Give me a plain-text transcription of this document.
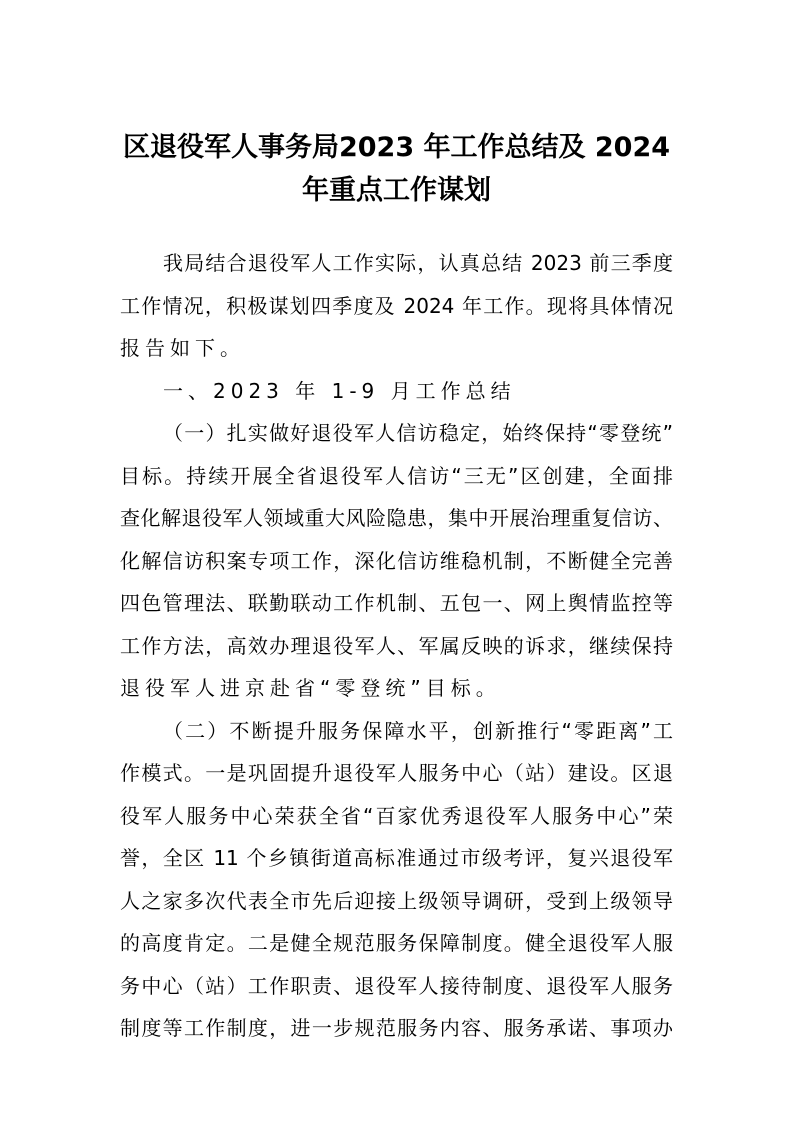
区退役军人事务局2023 年工作总结及 2024
年重点工作谋划
我局结合退役军人工作实际，认真总结 2023 前三季度
工作情况，积极谋划四季度及 2024 年工作。现将具体情况
报告如下。
一、2023 年 1-9 月工作总结
（一）扎实做好退役军人信访稳定，始终保持“零登统”
目标。持续开展全省退役军人信访“三无”区创建，全面排
查化解退役军人领域重大风险隐患，集中开展治理重复信访、
化解信访积案专项工作，深化信访维稳机制，不断健全完善
四色管理法、联勤联动工作机制、五包一、网上舆情监控等
工作方法，高效办理退役军人、军属反映的诉求，继续保持
退役军人进京赴省“零登统”目标。
（二）不断提升服务保障水平，创新推行“零距离”工
作模式。一是巩固提升退役军人服务中心（站）建设。区退
役军人服务中心荣获全省“百家优秀退役军人服务中心”荣
誉，全区 11 个乡镇街道高标准通过市级考评，复兴退役军
人之家多次代表全市先后迎接上级领导调研，受到上级领导
的高度肯定。二是健全规范服务保障制度。健全退役军人服
务中心（站）工作职责、退役军人接待制度、退役军人服务
制度等工作制度，进一步规范服务内容、服务承诺、事项办
